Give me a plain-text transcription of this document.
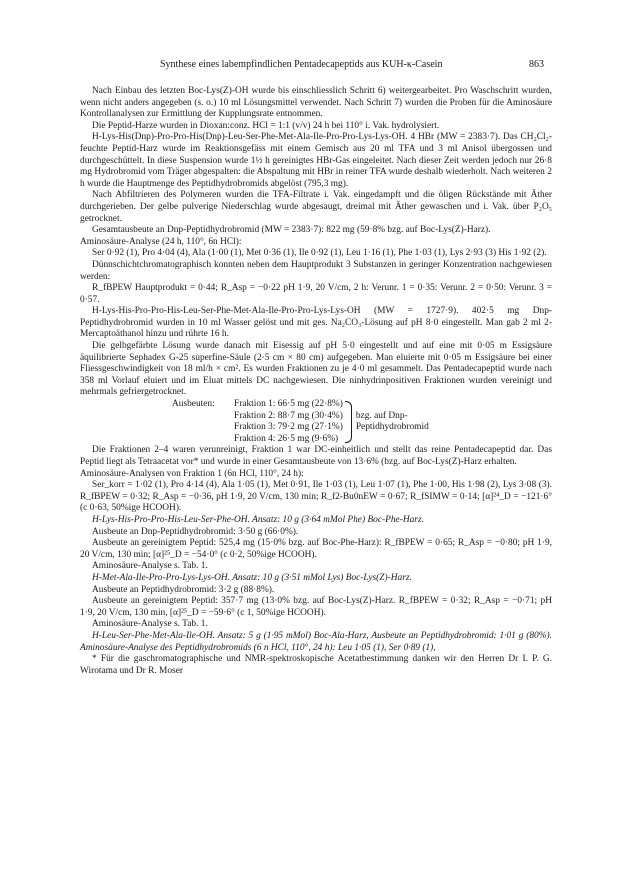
Synthese eines labempfindlichen Pentadecapeptids aus KUH-κ-Casein	863

Nach Einbau des letzten Boc-Lys(Z)-OH wurde bis einschliesslich Schritt 6) weitergearbeitet. Pro Waschschritt wurden, wenn nicht anders angegeben (s. o.) 10 ml Lösungsmittel verwendet. Nach Schritt 7) wurden die Proben für die Aminosäure Kontrollanalysen zur Ermittlung der Kupplungsrate entnommen.

Die Peptid-Harze wurden in Dioxan:conz. HCl = 1:1 (v/v) 24 h bei 110° i. Vak. hydrolysiert.

H-Lys-His(Dnp)-Pro-Pro-His(Dnp)-Leu-Ser-Phe-Met-Ala-Ile-Pro-Pro-Lys-Lys-OH. 4 HBr (MW = 2383·7). Das CH₂Cl₂-feuchte Peptid-Harz wurde im Reaktionsgefäss mit einem Gemisch aus 20 ml TFA und 3 ml Anisol übergossen und durchgeschüttelt. In diese Suspension wurde 1½ h gereinigtes HBr-Gas eingeleitet. Nach dieser Zeit werden jedoch nur 26·8 mg Hydrobromid vom Träger abgespalten: die Abspaltung mit HBr in reiner TFA wurde deshalb wiederholt. Nach weiteren 2 h wurde die Hauptmenge des Peptidhydrobromids abgelöst (795,3 mg).

Nach Abfiltrieren des Polymeren wurden die TFA-Filtrate i. Vak. eingedampft und die öligen Rückstände mit Äther durchgerieben. Der gelbe pulverige Niederschlag wurde abgesaugt, dreimal mit Äther gewaschen und i. Vak. über P₂O₅ getrocknet.

Gesamtausbeute an Dnp-Peptidhydrobromid (MW = 2383·7): 822 mg (59·8% bzg. auf Boc-Lys(Z)-Harz).

Aminosäure-Analyse (24 h, 110°, 6n HCl):

Ser 0·92 (1), Pro 4·04 (4), Ala (1·00 (1), Met 0·36 (1), Ile 0·92 (1), Leu 1·16 (1), Phe 1·03 (1), Lys 2·93 (3) His 1·92 (2).

Dünnschichtchromatographisch konnten neben dem Hauptprodukt 3 Substanzen in geringer Konzentration nachgewiesen werden:

R_fBPEW Hauptprodukt = 0·44; R_Asp = −0·22 pH 1·9, 20 V/cm, 2 h: Verunr. 1 = 0·35: Verunr. 2 = 0·50: Verunr. 3 = 0·57.

H-Lys-His-Pro-Pro-His-Leu-Ser-Phe-Met-Ala-Ile-Pro-Pro-Lys-Lys-OH (MW = 1727·9). 402·5 mg Dnp-Peptidhydrobromid wurden in 10 ml Wasser gelöst und mit ges. Na₂CO₃-Lösung auf pH 8·0 eingestellt. Man gab 2 ml 2-Mercaptoäthanol hinzu und rührte 16 h.

Die gelbgefärbte Lösung wurde danach mit Eisessig auf pH 5·0 eingestellt und auf eine mit 0·05 m Essigsäure äquilibrierte Sephadex G-25 superfine-Säule (2·5 cm × 80 cm) aufgegeben. Man eluierte mit 0·05 m Essigsäure bei einer Fliessgeschwindigkeit von 18 ml/h × cm². Es wurden Fraktionen zu je 4·0 ml gesammelt. Das Pentadecapeptid wurde nach 358 ml Vorlauf eluiert und im Eluat mittels DC nachgewiesen. Die ninhydrinpositiven Fraktionen wurden vereinigt und mehrmals gefriergetrocknet.

Ausbeuten:	Fraktion 1: 66·5 mg (22·8%)
Fraktion 2: 88·7 mg (30·4%)
Fraktion 3: 79·2 mg (27·1%)
Fraktion 4: 26·5 mg (9·6%)
bzg. auf Dnp-
Peptidhydrobromid

Die Fraktionen 2–4 waren verunreinigt, Fraktion 1 war DC-einheitlich und stellt das reine Pentadecapeptid dar. Das Peptid liegt als Tetraacetat vor* und wurde in einer Gesamtausbeute von 13·6% (bzg. auf Boc-Lys(Z)-Harz erhalten.

Aminosäure-Analysen von Fraktion 1 (6n HCl, 110°, 24 h):

Ser_korr = 1·02 (1), Pro 4·14 (4), Ala 1·05 (1), Met 0·91, Ile 1·03 (1), Leu 1·07 (1), Phe 1·00, His 1·98 (2), Lys 3·08 (3). R_fBPEW = 0·32; R_Asp = −0·36, pH 1·9, 20 V/cm, 130 min; R_f2-Bu0nEW = 0·67; R_fSIMW = 0·14; [α]²⁴_D = −121·6° (c 0·63, 50%ige HCOOH).

H-Lys-His-Pro-Pro-His-Leu-Ser-Phe-OH. Ansatz: 10 g (3·64 mMol Phe) Boc-Phe-Harz.

Ausbeute an Dnp-Peptidhydrobromid: 3·50 g (66·0%).

Ausbeute an gereinigtem Peptid: 525,4 mg (15·0% bzg. auf Boc-Phe-Harz): R_fBPEW = 0·65; R_Asp = −0·80; pH 1·9, 20 V/cm, 130 min; [α]²⁵_D = −54·0° (c 0·2, 50%ige HCOOH).

Aminosäure-Analyse s. Tab. 1.

H-Met-Ala-Ile-Pro-Pro-Lys-Lys-OH. Ansatz: 10 g (3·51 mMol Lys) Boc-Lys(Z)-Harz.

Ausbeute an Peptidhydrobromid: 3·2 g (88·8%).

Ausbeute an gereinigtem Peptid: 357·7 mg (13·0% bzg. auf Boc-Lys(Z)-Harz. R_fBPEW = 0·32; R_Asp = −0·71; pH 1·9, 20 V/cm, 130 min, [α]²⁵_D = −59·6° (c 1, 50%ige HCOOH).

Aminosäure-Analyse s. Tab. 1.

H-Leu-Ser-Phe-Met-Ala-Ile-OH. Ansatz: 5 g (1·95 mMol) Boc-Ala-Harz, Ausbeute an Peptidhydrobromid: 1·01 g (80%). Aminosäure-Analyse des Peptidhydrobromids (6 n HCl, 110°, 24 h): Leu 1·05 (1), Ser 0·89 (1),

* Für die gaschromatographische und NMR-spektroskopische Acetatbestimmung danken wir den Herren Dr I. P. G. Wirotama und Dr R. Moser
